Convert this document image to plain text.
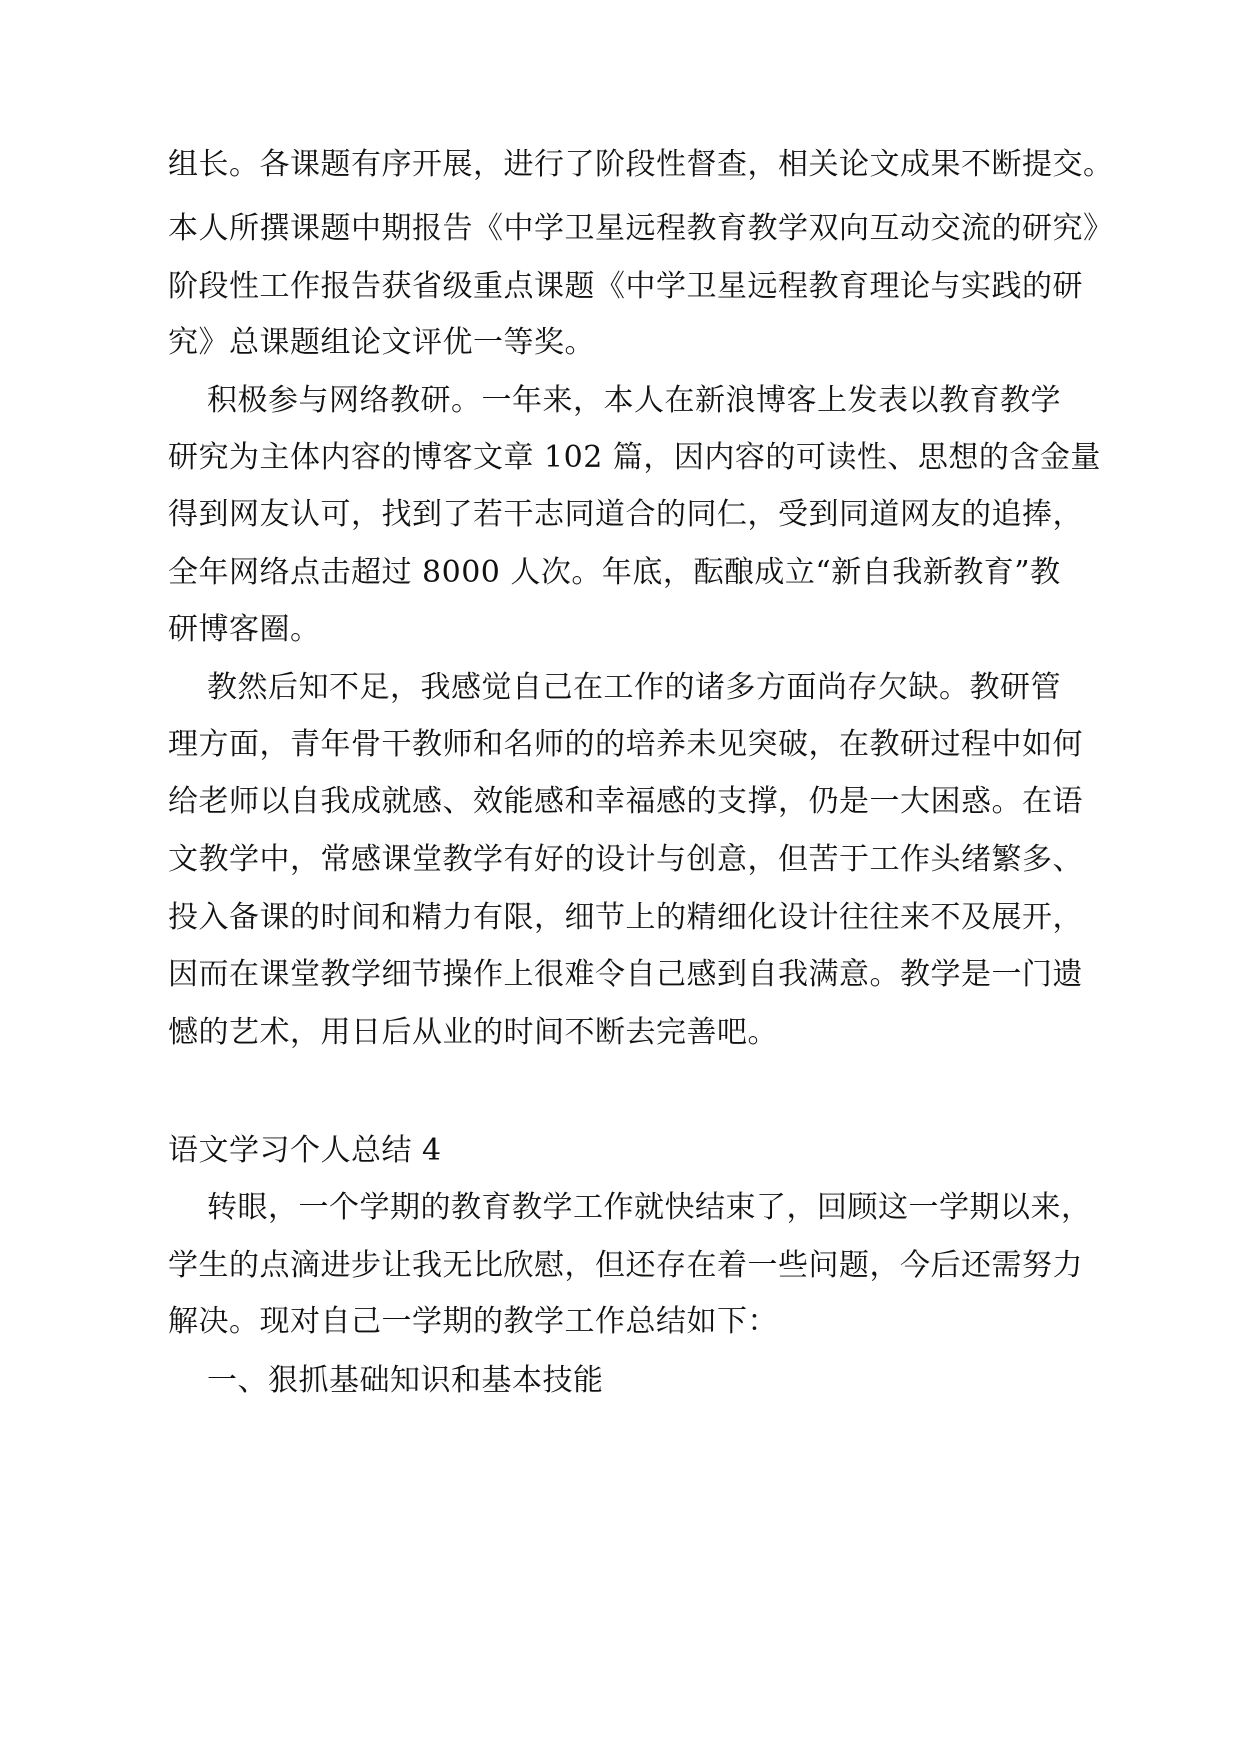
组长。各课题有序开展，进行了阶段性督查，相关论文成果不断提交。
本人所撰课题中期报告《中学卫星远程教育教学双向互动交流的研究》
阶段性工作报告获省级重点课题《中学卫星远程教育理论与实践的研
究》总课题组论文评优一等奖。
积极参与网络教研。一年来，本人在新浪博客上发表以教育教学
研究为主体内容的博客文章 102 篇，因内容的可读性、思想的含金量
得到网友认可，找到了若干志同道合的同仁，受到同道网友的追捧，
全年网络点击超过 8000 人次。年底，酝酿成立“新自我新教育”教
研博客圈。
教然后知不足，我感觉自己在工作的诸多方面尚存欠缺。教研管
理方面，青年骨干教师和名师的的培养未见突破，在教研过程中如何
给老师以自我成就感、效能感和幸福感的支撑，仍是一大困惑。在语
文教学中，常感课堂教学有好的设计与创意，但苦于工作头绪繁多、
投入备课的时间和精力有限，细节上的精细化设计往往来不及展开，
因而在课堂教学细节操作上很难令自己感到自我满意。教学是一门遗
憾的艺术，用日后从业的时间不断去完善吧。
语文学习个人总结 4
转眼，一个学期的教育教学工作就快结束了，回顾这一学期以来，
学生的点滴进步让我无比欣慰，但还存在着一些问题，今后还需努力
解决。现对自己一学期的教学工作总结如下：
一、狠抓基础知识和基本技能
